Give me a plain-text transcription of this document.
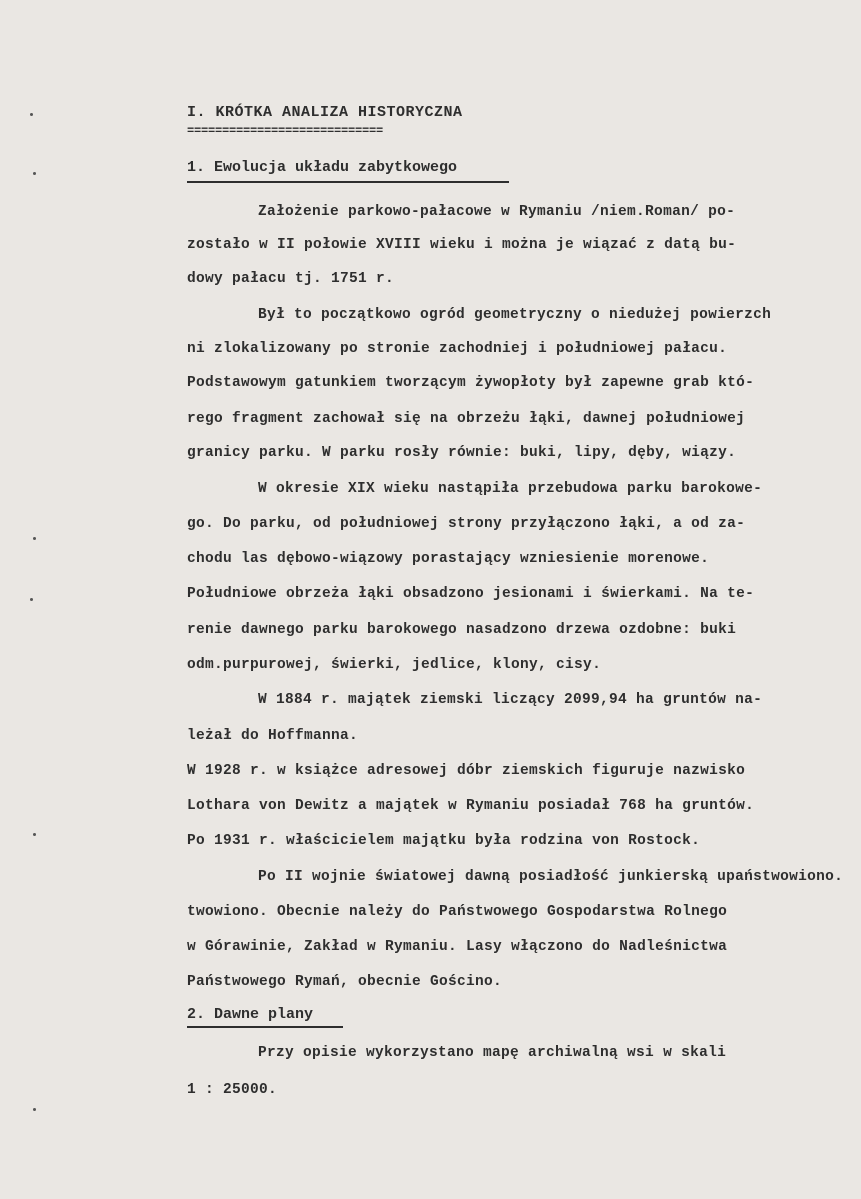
I. KRÓTKA ANALIZA HISTORYCZNA
============================
1. Ewolucja układu zabytkowego
Założenie parkowo-pałacowe w Rymaniu /niem.Roman/ po-
zostało w II połowie XVIII wieku i można je wiązać z datą bu-
dowy pałacu tj. 1751 r.
Był to początkowo ogród geometryczny o niedużej powierzch
ni zlokalizowany po stronie zachodniej i południowej pałacu.
Podstawowym gatunkiem tworzącym żywopłoty był zapewne grab któ-
rego fragment zachował się na obrzeżu łąki, dawnej południowej
granicy parku. W parku rosły równie: buki, lipy, dęby, wiązy.
W okresie XIX wieku nastąpiła przebudowa parku barokowe-
go. Do parku, od południowej strony przyłączono łąki, a od za-
chodu las dębowo-wiązowy porastający wzniesienie morenowe.
Południowe obrzeża łąki obsadzono jesionami i świerkami. Na te-
renie dawnego parku barokowego nasadzono drzewa ozdobne: buki
odm.purpurowej, świerki, jedlice, klony, cisy.
W 1884 r. majątek ziemski liczący 2099,94 ha gruntów na-
leżał do Hoffmanna.
W 1928 r. w książce adresowej dóbr ziemskich figuruje nazwisko
Lothara von Dewitz a majątek w Rymaniu posiadał 768 ha gruntów.
Po 1931 r. właścicielem majątku była rodzina von Rostock.
Po II wojnie światowej dawną posiadłość junkierską upaństwowiono.
twowiono. Obecnie należy do Państwowego Gospodarstwa Rolnego
w Górawinie, Zakład w Rymaniu. Lasy włączono do Nadleśnictwa
Państwowego Rymań, obecnie Gościno.
2. Dawne plany
Przy opisie wykorzystano mapę archiwalną wsi w skali
1 : 25000.
